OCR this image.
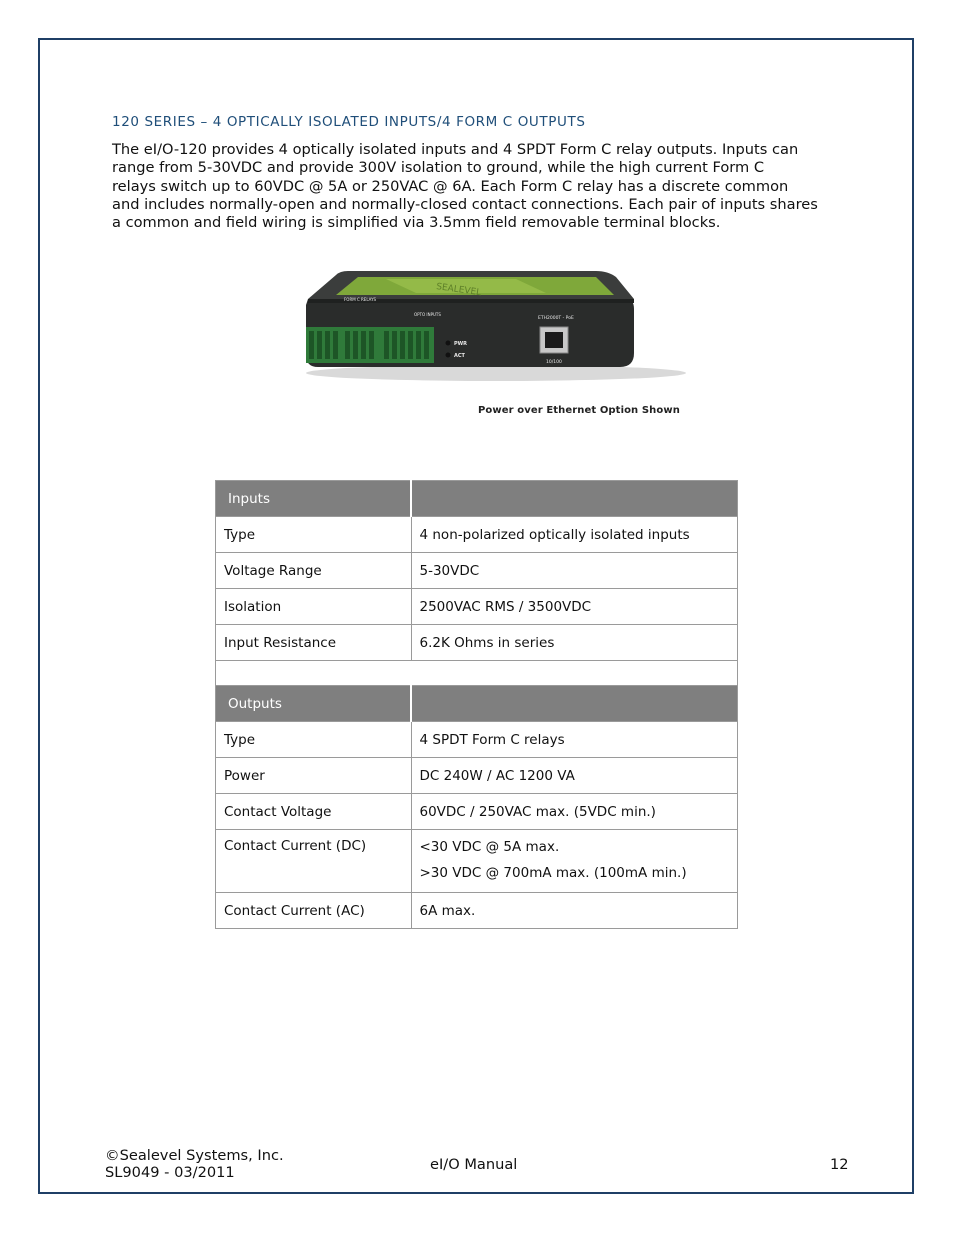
120 SERIES – 4 OPTICALLY ISOLATED INPUTS/4 FORM C OUTPUTS
The eI/O-120 provides 4 optically isolated inputs and 4 SPDT Form C relay outputs. Inputs can
range from 5-30VDC and provide 300V isolation to ground, while the high current Form C
relays switch up to 60VDC @ 5A or 250VAC @ 6A. Each Form C relay has a discrete common
and includes normally-open and normally-closed contact connections. Each pair of inputs shares
a common and field wiring is simplified via 3.5mm field removable terminal blocks.
SEALEVEL
FORM C RELAYS
OPTO INPUTS
PWR
ACT
ETH2000T - PoE
10/100
Power over Ethernet Option Shown
Inputs	
Type	4 non-polarized optically isolated inputs
Voltage Range	5-30VDC
Isolation	2500VAC RMS / 3500VDC
Input Resistance	6.2K Ohms in series

Outputs	
Type	4 SPDT Form C relays
Power	DC 240W / AC 1200 VA
Contact Voltage	60VDC / 250VAC max. (5VDC min.)
Contact Current (DC)	<30 VDC @ 5A max.
>30 VDC @ 700mA max. (100mA min.)

Contact Current (AC)	6A max.
©Sealevel Systems, Inc.
SL9049 - 03/2011	eI/O Manual	12
